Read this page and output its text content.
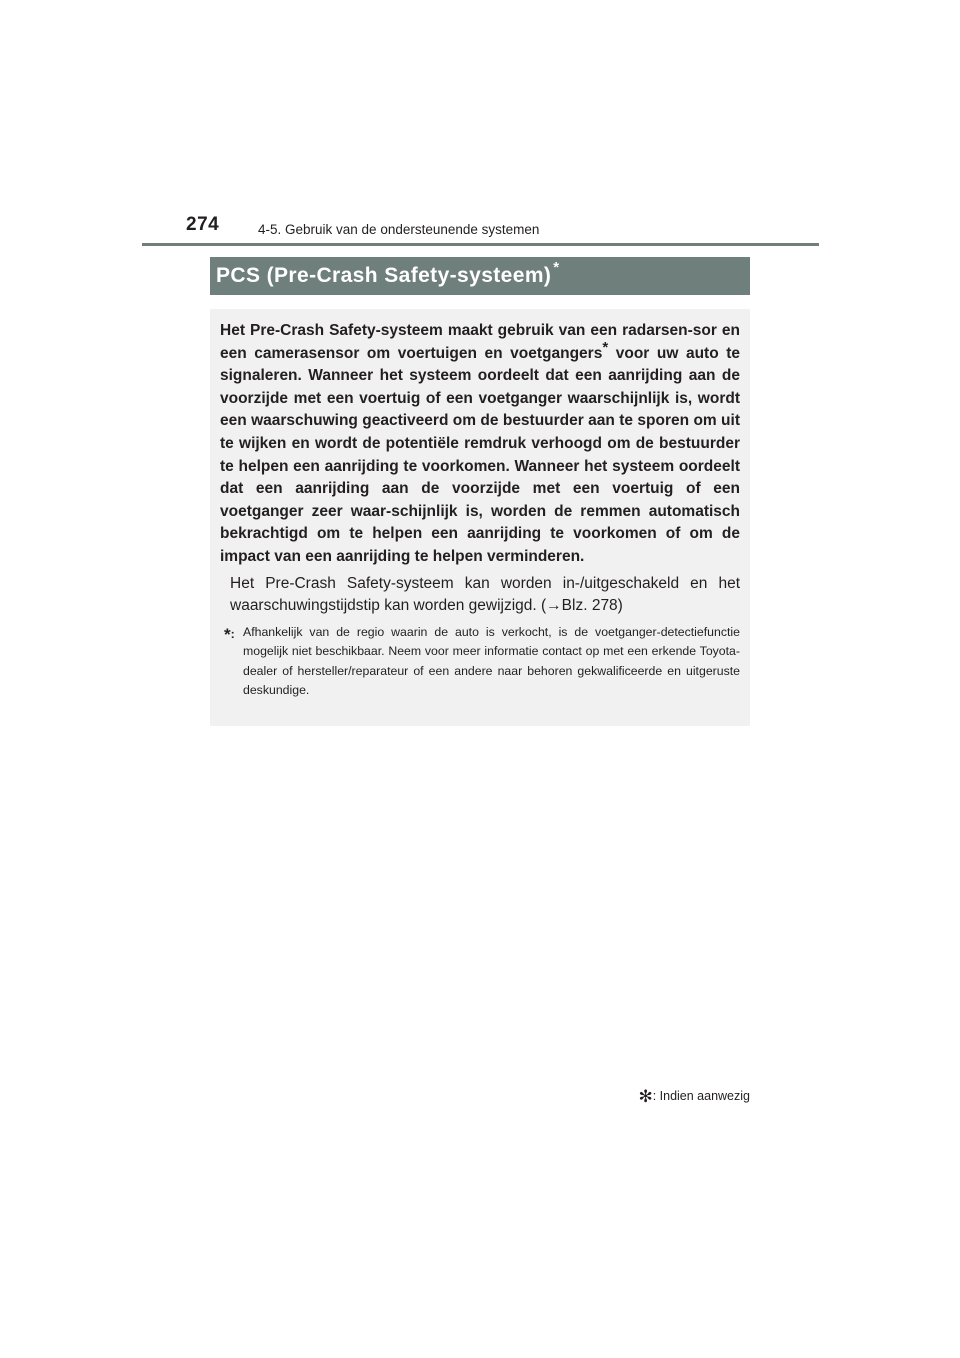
274	4-5. Gebruik van de ondersteunende systemen
PCS (Pre-Crash Safety-systeem) *

Het Pre-Crash Safety-systeem maakt gebruik van een radarsen-sor en een camerasensor om voertuigen en voetgangers* voor uw auto te signaleren. Wanneer het systeem oordeelt dat een aanrijding aan de voorzijde met een voertuig of een voetganger waarschijnlijk is, wordt een waarschuwing geactiveerd om de bestuurder aan te sporen om uit te wijken en wordt de potentiële remdruk verhoogd om de bestuurder te helpen een aanrijding te voorkomen. Wanneer het systeem oordeelt dat een aanrijding aan de voorzijde met een voertuig of een voetganger zeer waar-schijnlijk is, worden de remmen automatisch bekrachtigd om te helpen een aanrijding te voorkomen of om de impact van een aanrijding te helpen verminderen.

Het Pre-Crash Safety-systeem kan worden in-/uitgeschakeld en het waarschuwingstijdstip kan worden gewijzigd. (→Blz. 278)

*: Afhankelijk van de regio waarin de auto is verkocht, is de voetganger-detectiefunctie mogelijk niet beschikbaar. Neem voor meer informatie contact op met een erkende Toyota-dealer of hersteller/reparateur of een andere naar behoren gekwalificeerde en uitgeruste deskundige.

✻: Indien aanwezig
